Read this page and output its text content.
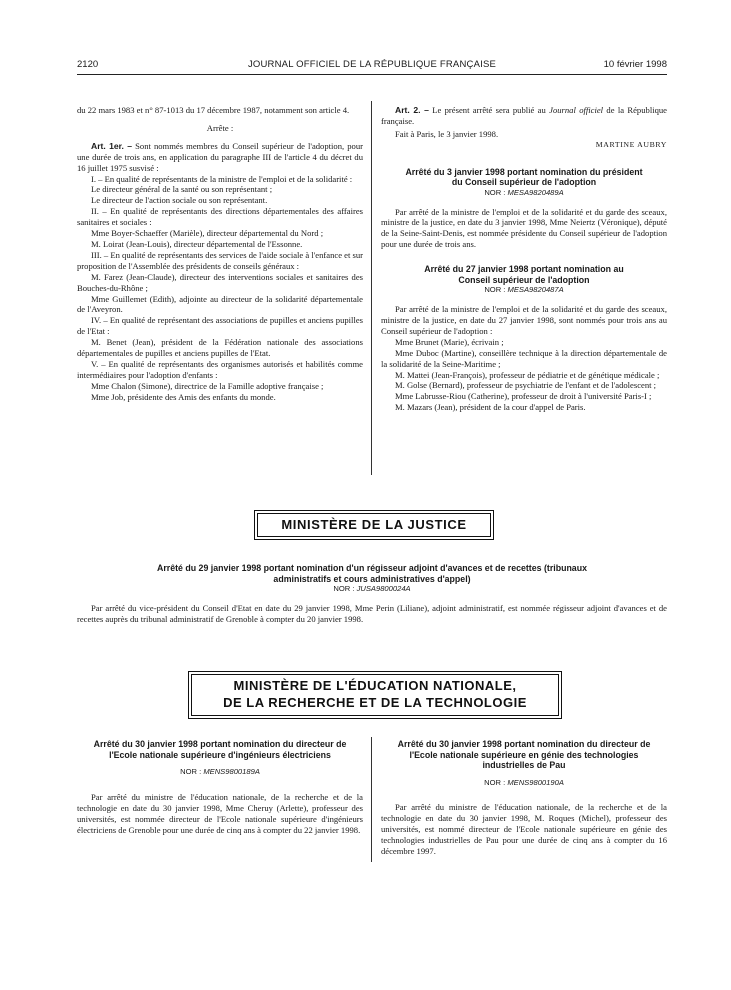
2120	JOURNAL OFFICIEL DE LA RÉPUBLIQUE FRANÇAISE	10 février 1998

du 22 mars 1983 et n° 87-1013 du 17 décembre 1987, notamment son article 4.

Arrête :

Art. 1er. – Sont nommés membres du Conseil supérieur de l'adoption, pour une durée de trois ans, en application du paragraphe III de l'article 4 du décret du 16 juillet 1975 susvisé :

I. – En qualité de représentants de la ministre de l'emploi et de la solidarité :

Le directeur général de la santé ou son représentant ;

Le directeur de l'action sociale ou son représentant.

II. – En qualité de représentants des directions départementales des affaires sanitaires et sociales :

Mme Boyer-Schaeffer (Marièle), directeur départemental du Nord ;

M. Loirat (Jean-Louis), directeur départemental de l'Essonne.

III. – En qualité de représentants des services de l'aide sociale à l'enfance et sur proposition de l'Assemblée des présidents de conseils généraux :

M. Farez (Jean-Claude), directeur des interventions sociales et sanitaires des Bouches-du-Rhône ;

Mme Guillemet (Edith), adjointe au directeur de la solidarité départementale de l'Aveyron.

IV. – En qualité de représentant des associations de pupilles et anciens pupilles de l'Etat :

M. Benet (Jean), président de la Fédération nationale des associations départementales de pupilles et anciens pupilles de l'Etat.

V. – En qualité de représentants des organismes autorisés et habilités comme intermédiaires pour l'adoption d'enfants :

Mme Chalon (Simone), directrice de la Famille adoptive française ;

Mme Job, présidente des Amis des enfants du monde.

Art. 2. – Le présent arrêté sera publié au Journal officiel de la République française.

Fait à Paris, le 3 janvier 1998.

MARTINE AUBRY

Arrêté du 3 janvier 1998 portant nomination du président du Conseil supérieur de l'adoption

NOR : MESA9820489A

Par arrêté de la ministre de l'emploi et de la solidarité et du garde des sceaux, ministre de la justice, en date du 3 janvier 1998, Mme Neiertz (Véronique), député de la Seine-Saint-Denis, est nommée présidente du Conseil supérieur de l'adoption pour une durée de trois ans.

Arrêté du 27 janvier 1998 portant nomination au Conseil supérieur de l'adoption

NOR : MESA9820487A

Par arrêté de la ministre de l'emploi et de la solidarité et du garde des sceaux, ministre de la justice, en date du 27 janvier 1998, sont nommés pour trois ans au Conseil supérieur de l'adoption :

Mme Brunet (Marie), écrivain ;

Mme Duboc (Martine), conseillère technique à la direction départementale de la solidarité de la Seine-Maritime ;

M. Mattei (Jean-François), professeur de pédiatrie et de génétique médicale ;

M. Golse (Bernard), professeur de psychiatrie de l'enfant et de l'adolescent ;

Mme Labrusse-Riou (Catherine), professeur de droit à l'université Paris-I ;

M. Mazars (Jean), président de la cour d'appel de Paris.

MINISTÈRE DE LA JUSTICE

Arrêté du 29 janvier 1998 portant nomination d'un régisseur adjoint d'avances et de recettes (tribunaux administratifs et cours administratives d'appel)

NOR : JUSA9800024A

Par arrêté du vice-président du Conseil d'Etat en date du 29 janvier 1998, Mme Perin (Liliane), adjoint administratif, est nommée régisseur adjoint d'avances et de recettes auprès du tribunal administratif de Grenoble à compter du 20 janvier 1998.

MINISTÈRE DE L'ÉDUCATION NATIONALE,
DE LA RECHERCHE ET DE LA TECHNOLOGIE

Arrêté du 30 janvier 1998 portant nomination du directeur de l'Ecole nationale supérieure d'ingénieurs électriciens

NOR : MENS9800189A

Par arrêté du ministre de l'éducation nationale, de la recherche et de la technologie en date du 30 janvier 1998, Mme Cheruy (Arlette), professeur des universités, est nommée directeur de l'Ecole nationale supérieure d'ingénieurs électriciens de Grenoble pour une durée de cinq ans à compter du 22 janvier 1998.

Arrêté du 30 janvier 1998 portant nomination du directeur de l'Ecole nationale supérieure en génie des technologies industrielles de Pau

NOR : MENS9800190A

Par arrêté du ministre de l'éducation nationale, de la recherche et de la technologie en date du 30 janvier 1998, M. Roques (Michel), professeur des universités, est nommé directeur de l'Ecole nationale supérieure en génie des technologies industrielles de Pau pour une durée de cinq ans à compter du 16 décembre 1997.
